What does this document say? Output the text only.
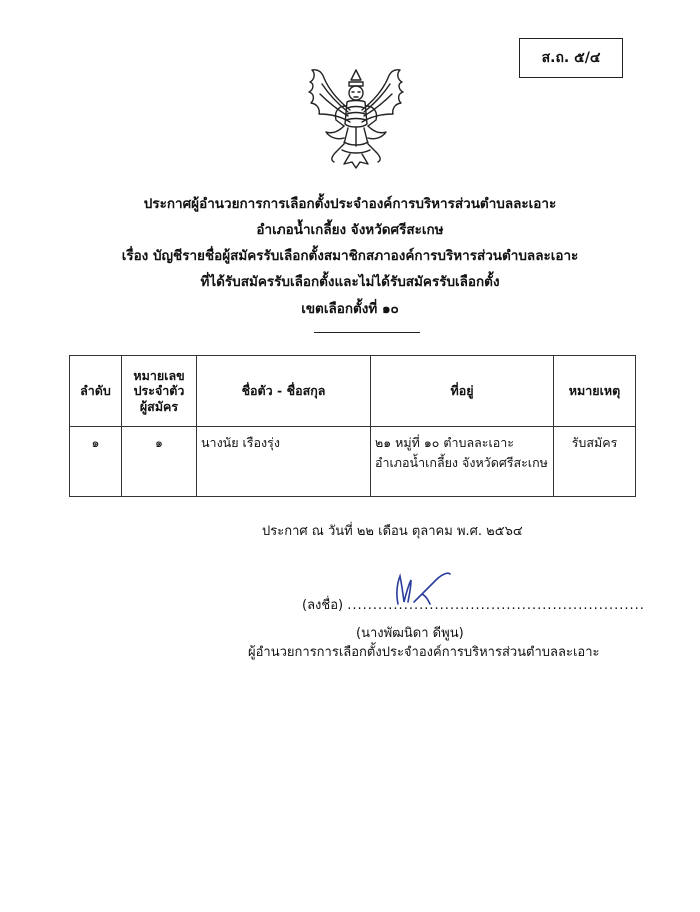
ส.ถ. ๕/๔
ประกาศผู้อำนวยการการเลือกตั้งประจำองค์การบริหารส่วนตำบลละเอาะ
อำเภอน้ำเกลี้ยง จังหวัดศรีสะเกษ
เรื่อง บัญชีรายชื่อผู้สมัครรับเลือกตั้งสมาชิกสภาองค์การบริหารส่วนตำบลละเอาะ
ที่ได้รับสมัครรับเลือกตั้งและไม่ได้รับสมัครรับเลือกตั้ง
เขตเลือกตั้งที่ ๑๐
ลำดับ	หมายเลข
ประจำตัว
ผู้สมัคร	ชื่อตัว - ชื่อสกุล	ที่อยู่	หมายเหตุ
๑	๑	นางนัย เรืองรุ่ง	๒๑ หมู่ที่ ๑๐ ตำบลละเอาะ
อำเภอน้ำเกลี้ยง จังหวัดศรีสะเกษ	รับสมัคร
ประกาศ ณ วันที่ ๒๒ เดือน ตุลาคม พ.ศ. ๒๕๖๔
(ลงชื่อ) ..........................................................
(นางพัฒนิดา ดีพูน)
ผู้อำนวยการการเลือกตั้งประจำองค์การบริหารส่วนตำบลละเอาะ
